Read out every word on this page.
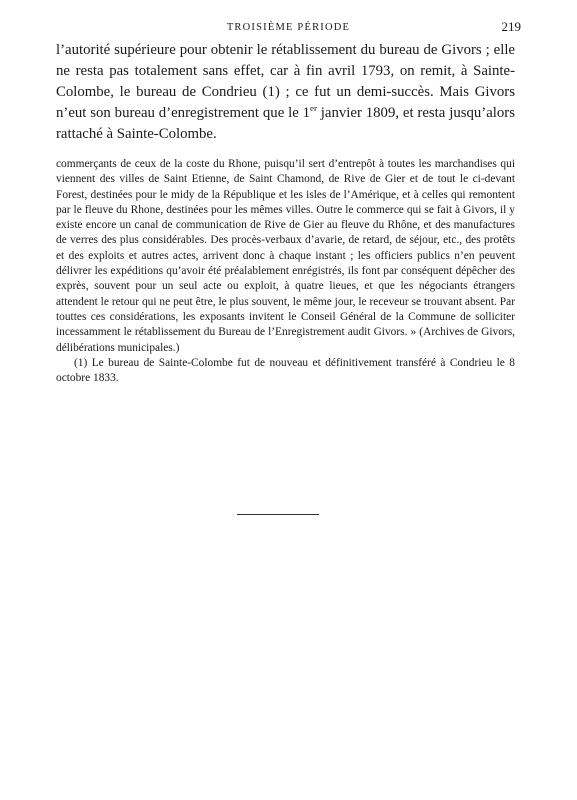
TROISIÈME PÉRIODE	219

l’autorité supérieure pour obtenir le rétablissement du bureau de Givors ; elle ne resta pas totalement sans effet, car à fin avril 1793, on remit, à Sainte-Colombe, le bureau de Condrieu (1) ; ce fut un demi-succès. Mais Givors n’eut son bureau d’enregistrement que le 1er janvier 1809, et resta jusqu’alors rattaché à Sainte-Colombe.

commerçants de ceux de la coste du Rhone, puisqu’il sert d’entrepôt à toutes les marchandises qui viennent des villes de Saint Etienne, de Saint Chamond, de Rive de Gier et de tout le ci-devant Forest, destinées pour le midy de la République et les isles de l’Amérique, et à celles qui remontent par le fleuve du Rhone, destinées pour les mêmes villes. Outre le commerce qui se fait à Givors, il y existe encore un canal de communication de Rive de Gier au fleuve du Rhône, et des manufactures de verres des plus considérables. Des procès-verbaux d’avarie, de retard, de séjour, etc., des protêts et des exploits et autres actes, arrivent donc à chaque instant ; les officiers publics n’en peuvent délivrer les expéditions qu’avoir été préalablement enrégistrés, ils font par conséquent dépêcher des exprès, souvent pour un seul acte ou exploit, à quatre lieues, et que les négociants étrangers attendent le retour qui ne peut être, le plus souvent, le même jour, le receveur se trouvant absent. Par touttes ces considérations, les exposants invitent le Conseil Général de la Commune de solliciter incessamment le rétablissement du Bureau de l’Enregistrement audit Givors. » (Archives de Givors, délibérations municipales.)

(1) Le bureau de Sainte-Colombe fut de nouveau et définitivement transféré à Condrieu le 8 octobre 1833.
